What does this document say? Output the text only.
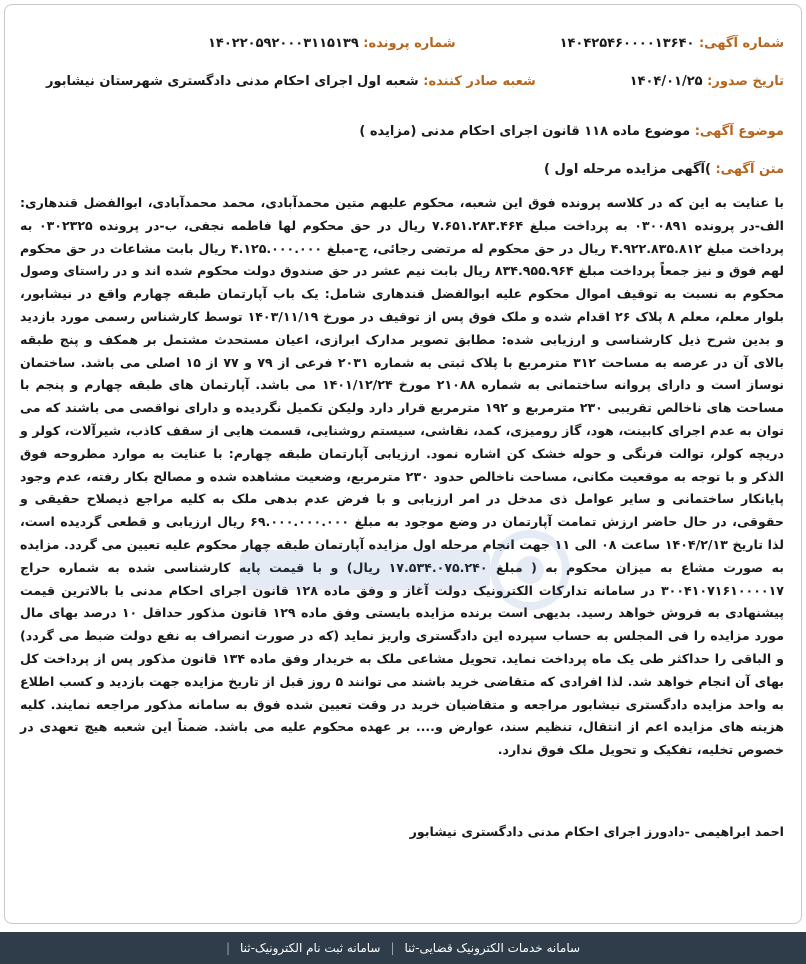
شماره آگهی: ۱۴۰۴۲۵۴۶۰۰۰۰۱۳۶۴۰
شماره پرونده: ۱۴۰۲۲۰۵۹۲۰۰۰۳۱۱۵۱۳۹
تاریخ صدور: ۱۴۰۴/۰۱/۲۵
شعبه صادر کننده: شعبه اول اجرای احکام مدنی دادگستری شهرستان نیشابور
موضوع آگهی: موضوع ماده ۱۱۸ قانون اجرای احکام مدنی (مزایده )
متن آگهی: )آگهی مزایده مرحله اول )
با عنایت به این که در کلاسه پرونده فوق این شعبه، محکوم علیهم متین محمدآبادی، محمد محمدآبادی، ابوالفضل قندهاری: الف-در پرونده ۰۳۰۰۸۹۱ به پرداخت مبلغ ۷.۶۵۱.۲۸۳.۴۶۴ ریال در حق محکوم لها فاطمه نجفی، ب-در پرونده ۰۳۰۲۳۲۵ به پرداخت مبلغ ۴.۹۲۲.۸۳۵.۸۱۲ ریال در حق محکوم له مرتضی رجائی، ج-مبلغ ۴.۱۲۵.۰۰۰.۰۰۰ ریال بابت مشاعات در حق محکوم لهم فوق و نیز جمعاً پرداخت مبلغ ۸۳۴.۹۵۵.۹۶۴ ریال بابت نیم عشر در حق صندوق دولت محکوم شده اند و در راستای وصول محکوم به نسبت به توقیف اموال محکوم علیه ابوالفضل قندهاری شامل: یک باب آپارتمان طبقه چهارم واقع در نیشابور، بلوار معلم، معلم ۸ پلاک ۲۶ اقدام شده و ملک فوق پس از توقیف در مورخ ۱۴۰۳/۱۱/۱۹ توسط کارشناس رسمی مورد بازدید و بدین شرح ذیل کارشناسی و ارزیابی شده: مطابق تصویر مدارک ابرازی، اعیان مستحدث مشتمل بر همکف و پنج طبقه بالای آن در عرصه به مساحت ۳۱۲ مترمربع با پلاک ثبتی به شماره ۲۰۳۱ فرعی از ۷۹ و ۷۷ از ۱۵ اصلی می باشد. ساختمان نوساز است و دارای پروانه ساختمانی به شماره ۲۱۰۸۸ مورخ ۱۴۰۱/۱۲/۲۴ می باشد. آپارتمان های طبقه چهارم و پنجم با مساحت های ناخالص تقریبی ۲۳۰ مترمربع و ۱۹۲ مترمربع قرار دارد ولیکن تکمیل نگردیده و دارای نواقصی می باشند که می توان به عدم اجرای کابینت، هود، گاز رومیزی، کمد، نقاشی، سیستم روشنایی، قسمت هایی از سقف کاذب، شیرآلات، کولر و دریچه کولر، توالت فرنگی و حوله خشک کن اشاره نمود. ارزیابی آپارتمان طبقه چهارم: با عنایت به موارد مطروحه فوق الذکر و با توجه به موقعیت مکانی، مساحت ناخالص حدود ۲۳۰ مترمربع، وضعیت مشاهده شده و مصالح بکار رفته، عدم وجود پایانکار ساختمانی و سایر عوامل ذی مدخل در امر ارزیابی و با فرض عدم بدهی ملک به کلیه مراجع ذیصلاح حقیقی و حقوقی، در حال حاضر ارزش تمامت آپارتمان در وضع موجود به مبلغ ۶۹.۰۰۰.۰۰۰.۰۰۰ ریال ارزیابی و قطعی گردیده است، لذا تاریخ ۱۴۰۴/۲/۱۳ ساعت ۰۸ الی ۱۱ جهت انجام مرحله اول مزایده آپارتمان طبقه چهار محکوم علیه تعیین می گردد. مزایده به صورت مشاع به میزان محکوم به ( مبلغ ۱۷.۵۳۴.۰۷۵.۲۴۰ ریال) و با قیمت پایه کارشناسی شده به شماره حراج ۳۰۰۴۱۰۷۱۶۱۰۰۰۰۱۷ در سامانه تدارکات الکترونیک دولت آغاز و وفق ماده ۱۲۸ قانون اجرای احکام مدنی با بالاترین قیمت پیشنهادی به فروش خواهد رسید. بدیهی است برنده مزایده بایستی وفق ماده ۱۲۹ قانون مذکور حداقل ۱۰ درصد بهای مال مورد مزایده را فی المجلس به حساب سپرده این دادگستری واریز نماید (که در صورت انصراف به نفع دولت ضبط می گردد) و الباقی را حداکثر طی یک ماه پرداخت نماید. تحویل مشاعی ملک به خریدار وفق ماده ۱۳۴ قانون مذکور پس از پرداخت کل بهای آن انجام خواهد شد. لذا افرادی که متقاضی خرید باشند می توانند ۵ روز قبل از تاریخ مزایده جهت بازدید و کسب اطلاع به واحد مزایده دادگستری نیشابور مراجعه و متقاضیان خرید در وقت تعیین شده فوق به سامانه مذکور مراجعه نمایند. کلیه هزینه های مزایده اعم از انتقال، تنظیم سند، عوارض و.... بر عهده محکوم علیه می باشد. ضمناً این شعبه هیچ تعهدی در خصوص تخلیه، تفکیک و تحویل ملک فوق ندارد.
احمد ابراهیمی -دادورز اجرای احکام مدنی دادگستری نیشابور
سامانه خدمات الکترونیک قضایی-ثنا
|
سامانه ثبت نام الکترونیک-ثنا
|
